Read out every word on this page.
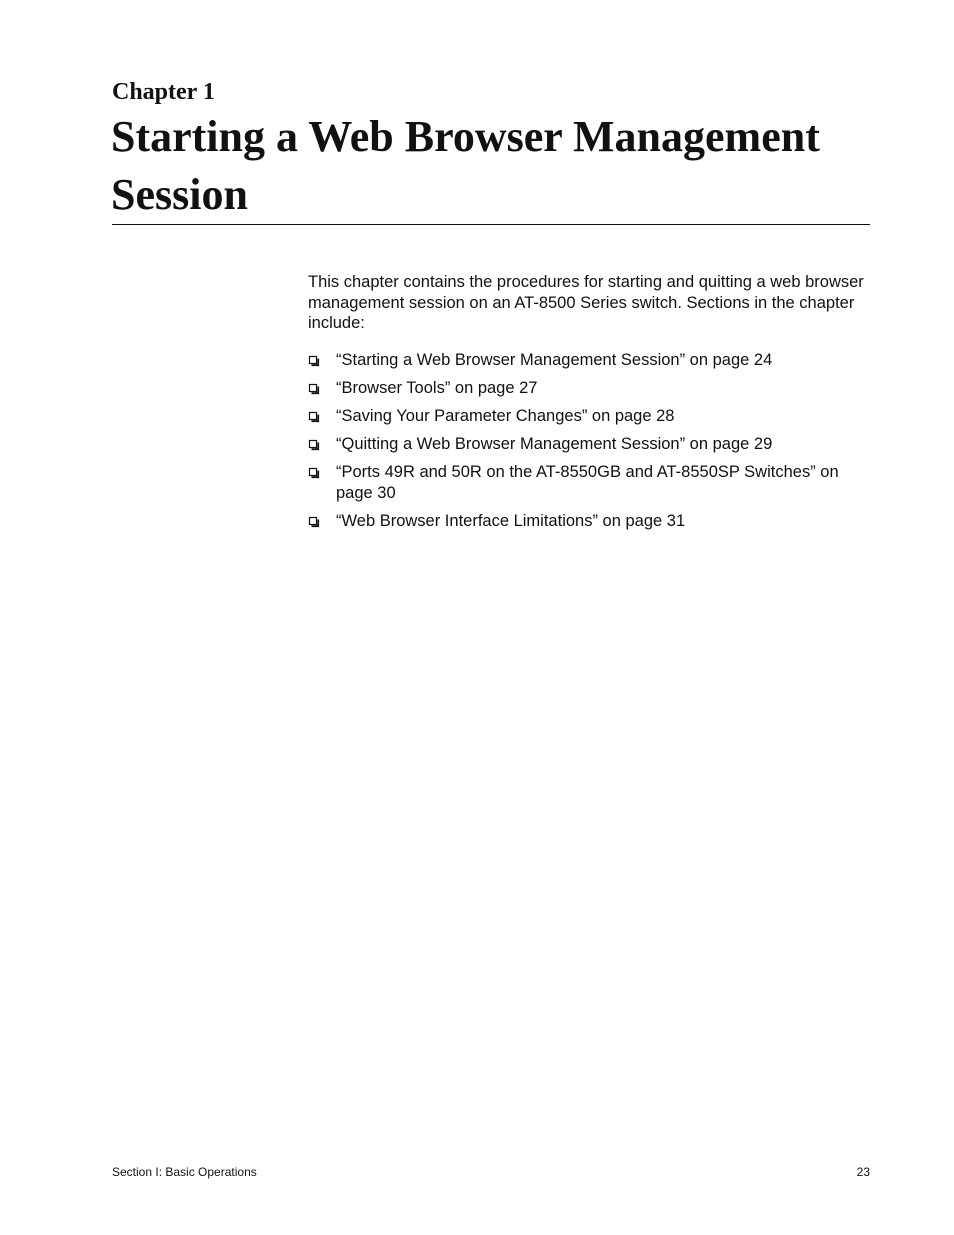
Chapter 1
Starting a Web Browser Management Session

This chapter contains the procedures for starting and quitting a web browser management session on an AT-8500 Series switch. Sections in the chapter include:

“Starting a Web Browser Management Session” on page 24
“Browser Tools” on page 27
“Saving Your Parameter Changes” on page 28
“Quitting a Web Browser Management Session” on page 29
“Ports 49R and 50R on the AT-8550GB and AT-8550SP Switches” on page 30
“Web Browser Interface Limitations” on page 31
Section I: Basic Operations	23
